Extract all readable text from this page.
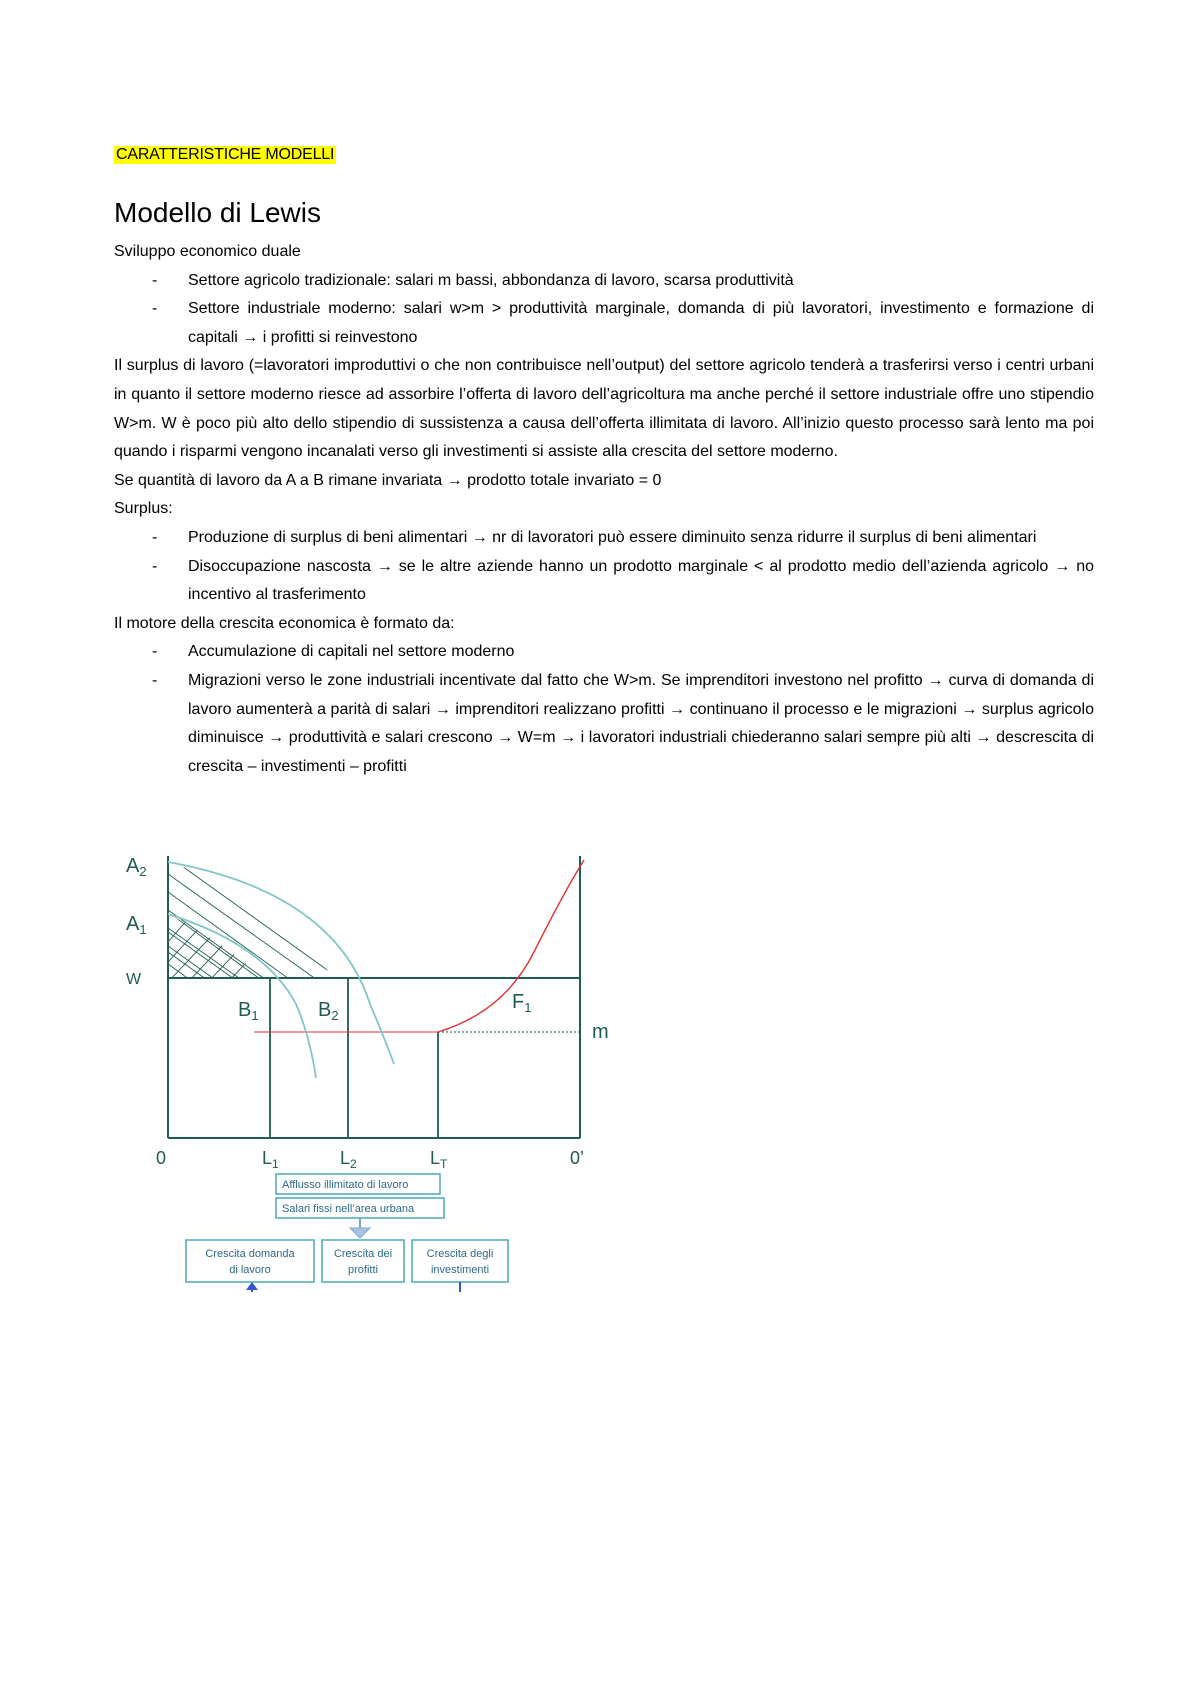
CARATTERISTICHE MODELLI
Modello di Lewis

Sviluppo economico duale

-	Settore agricolo tradizionale: salari m bassi, abbondanza di lavoro, scarsa produttività
-	Settore industriale moderno: salari w>m > produttività marginale, domanda di più lavoratori, investimento e formazione di capitali → i profitti si reinvestono

Il surplus di lavoro (=lavoratori improduttivi o che non contribuisce nell’output) del settore agricolo tenderà a trasferirsi verso i centri urbani in quanto il settore moderno riesce ad assorbire l’offerta di lavoro dell’agricoltura ma anche perché il settore industriale offre uno stipendio W>m. W è poco più alto dello stipendio di sussistenza a causa dell’offerta illimitata di lavoro. All’inizio questo processo sarà lento ma poi quando i risparmi vengono incanalati verso gli investimenti si assiste alla crescita del settore moderno.

Se quantità di lavoro da A a B rimane invariata → prodotto totale invariato = 0

Surplus:

-	Produzione di surplus di beni alimentari → nr di lavoratori può essere diminuito senza ridurre il surplus di beni alimentari
-	Disoccupazione nascosta → se le altre aziende hanno un prodotto marginale < al prodotto medio dell’azienda agricolo → no incentivo al trasferimento

Il motore della crescita economica è formato da:

-	Accumulazione di capitali nel settore moderno
-	Migrazioni verso le zone industriali incentivate dal fatto che W>m. Se imprenditori investono nel profitto → curva di domanda di lavoro aumenterà a parità di salari → imprenditori realizzano profitti → continuano il processo e le migrazioni → surplus agricolo diminuisce → produttività e salari crescono → W=m → i lavoratori industriali chiederanno salari sempre più alti → descrescita di crescita – investimenti – profitti
$A_2$
$A_1$
W
$B_1$	$B_2$
$F_1$
m
0	$L_1$	$L_2$	$L_T$	0’
Afflusso illimitato di lavoro
Salari fissi nell’area urbana
Crescita domanda
di lavoro
Crescita dei
profitti
Crescita degli
investimenti
